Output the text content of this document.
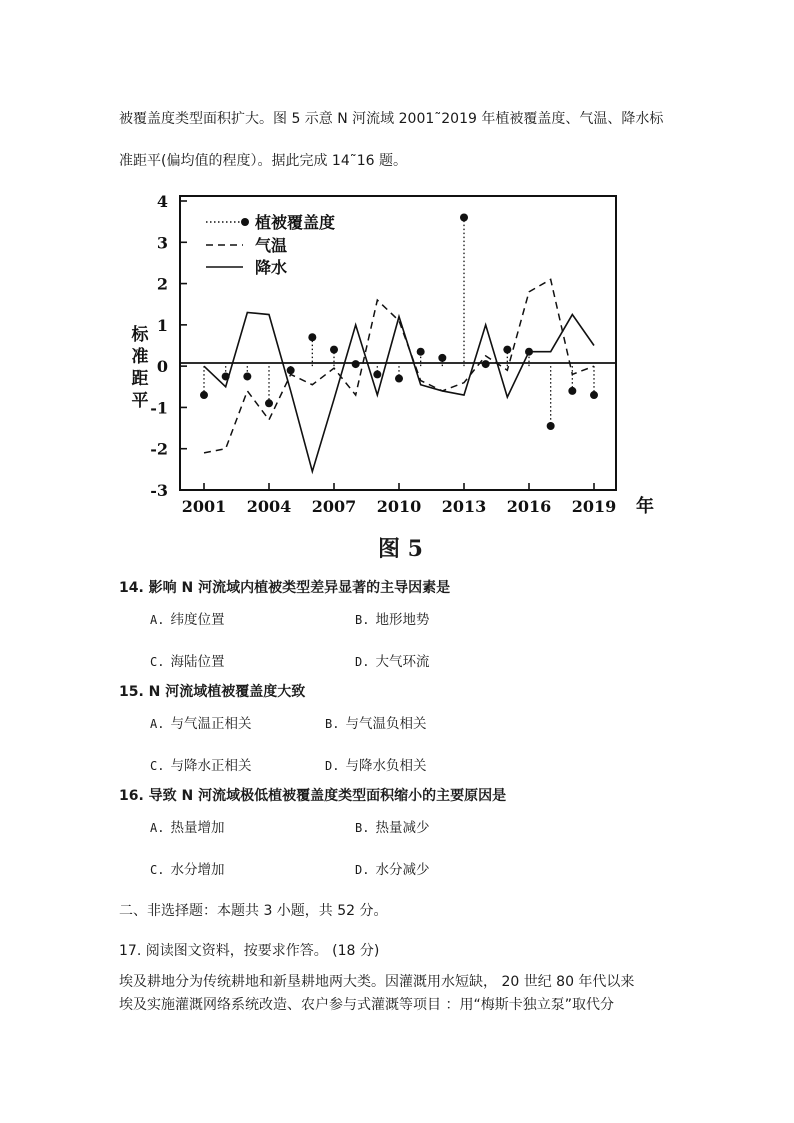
被覆盖度类型面积扩大。图 5 示意 N 河流域 2001˜2019 年植被覆盖度、气温、降水标
准距平(偏均值的程度）。据此完成 14˜16 题。
-3
-2
-1
0
1
2
3
4
2001 2004 2007 2010 2013 2016 2019
植被覆盖度
气温
降水
年
标
准
距
平
图 5
14. 影响 N 河流域内植被类型差异显著的主导因素是
A. 纬度位置	B. 地形地势
C. 海陆位置	D. 大气环流
15. N 河流域植被覆盖度大致
A. 与气温正相关	B. 与气温负相关
C. 与降水正相关	D. 与降水负相关
16. 导致 N 河流域极低植被覆盖度类型面积缩小的主要原因是
A. 热量增加	B. 热量减少
C. 水分增加	D. 水分减少
二、非选择题：本题共 3 小题，共 52 分。
17. 阅读图文资料，按要求作答。 (18 分)
埃及耕地分为传统耕地和新垦耕地两大类。因灌溉用水短缺， 20 世纪 80 年代以来
埃及实施灌溉网络系统改造、农户参与式灌溉等项目 ：用“梅斯卡独立泵”取代分
